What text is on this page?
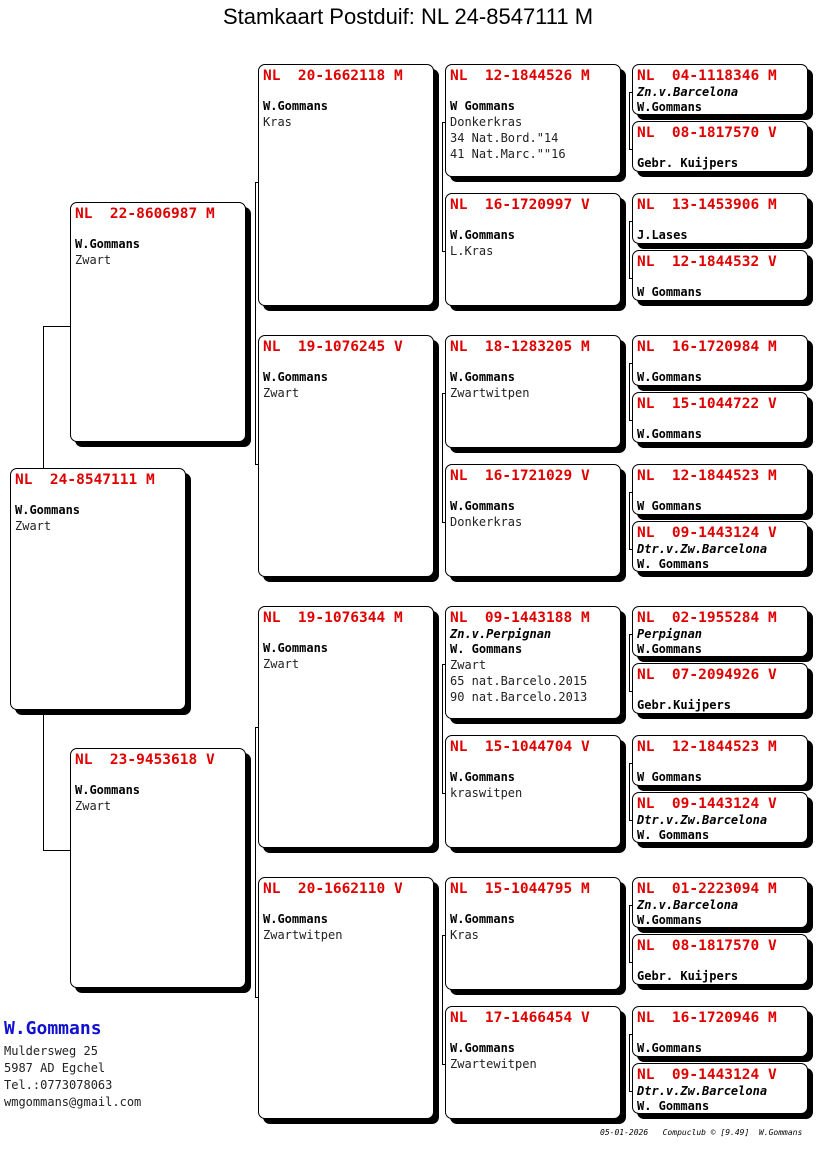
Stamkaart Postduif: NL 24-8547111 M
NL  24-8547111 M
W.Gommans
Zwart
NL  22-8606987 M
W.Gommans
Zwart
NL  23-9453618 V
W.Gommans
Zwart
NL  20-1662118 M
W.Gommans
Kras
NL  19-1076245 V
W.Gommans
Zwart
NL  19-1076344 M
W.Gommans
Zwart
NL  20-1662110 V
W.Gommans
Zwartwitpen
NL  12-1844526 M
W Gommans
Donkerkras
34 Nat.Bord."14
41 Nat.Marc.""16
NL  16-1720997 V
W.Gommans
L.Kras
NL  18-1283205 M
W.Gommans
Zwartwitpen
NL  16-1721029 V
W.Gommans
Donkerkras
NL  09-1443188 M
Zn.v.Perpignan
W. Gommans
Zwart
65 nat.Barcelo.2015
90 nat.Barcelo.2013
NL  15-1044704 V
W.Gommans
kraswitpen
NL  15-1044795 M
W.Gommans
Kras
NL  17-1466454 V
W.Gommans
Zwartewitpen
NL  04-1118346 M
Zn.v.Barcelona
W.Gommans
NL  08-1817570 V
Gebr. Kuijpers
NL  13-1453906 M
J.Lases
NL  12-1844532 V
W Gommans
NL  16-1720984 M
W.Gommans
NL  15-1044722 V
W.Gommans
NL  12-1844523 M
W Gommans
NL  09-1443124 V
Dtr.v.Zw.Barcelona
W. Gommans
NL  02-1955284 M
Perpignan
W.Gommans
NL  07-2094926 V
Gebr.Kuijpers
NL  12-1844523 M
W Gommans
NL  09-1443124 V
Dtr.v.Zw.Barcelona
W. Gommans
NL  01-2223094 M
Zn.v.Barcelona
W.Gommans
NL  08-1817570 V
Gebr. Kuijpers
NL  16-1720946 M
W.Gommans
NL  09-1443124 V
Dtr.v.Zw.Barcelona
W. Gommans
W.Gommans
Muldersweg 25
5987 AD Egchel
Tel.:0773078063
wmgommans@gmail.com
05-01-2026   Compuclub © [9.49]  W.Gommans
